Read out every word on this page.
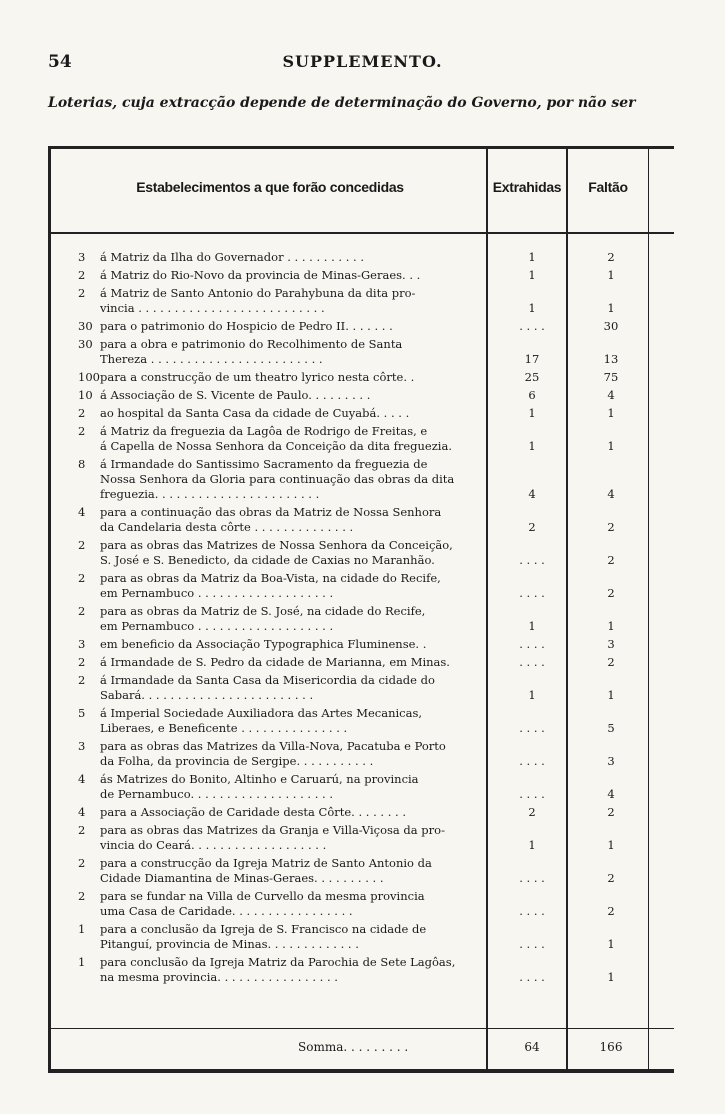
54	SUPPLEMENTO.
Loterias, cuja extracção depende de determinação do Governo, por não ser
Estabelecimentos a que forão concedidas	Extrahidas	Faltão
3	á Matriz da Ilha do Governador . . . . . . . . . . .	1	2
2	á Matriz do Rio-Novo da provincia de Minas-Geraes. . .	1	1
2	á Matriz de Santo Antonio do Parahybuna da dita pro-
vincia . . . . . . . . . . . . . . . . . . . . . . . . . .	1	1
30 para o patrimonio do Hospicio de Pedro II. . . . . . .	. . . .	30
30 para a obra e patrimonio do Recolhimento de Santa
Thereza . . . . . . . . . . . . . . . . . . . . . . . .	17	13
100 para a construcção de um theatro lyrico nesta côrte. .	25	75
10 á Associação de S. Vicente de Paulo. . . . . . . . .	6	4
2	ao hospital da Santa Casa da cidade de Cuyabá. . . . .	1	1
2	á Matriz da freguezia da Lagôa de Rodrigo de Freitas, e
á Capella de Nossa Senhora da Conceição da dita freguezia.	1	1
8	á Irmandade do Santissimo Sacramento da freguezia de
Nossa Senhora da Gloria para continuação das obras da dita
freguezia. . . . . . . . . . . . . . . . . . . . . . .	4	4
4	para a continuação das obras da Matriz de Nossa Senhora
da Candelaria desta côrte . . . . . . . . . . . . . .	2	2
2	para as obras das Matrizes de Nossa Senhora da Conceição,
S. José e S. Benedicto, da cidade de Caxias no Maranhão.	. . . .	2
2	para as obras da Matriz da Boa-Vista, na cidade do Recife,
em Pernambuco . . . . . . . . . . . . . . . . . . .	. . . .	2
2	para as obras da Matriz de S. José, na cidade do Recife,
em Pernambuco . . . . . . . . . . . . . . . . . . .	1	1
3	em beneficio da Associação Typographica Fluminense. .	. . . .	3
2	á Irmandade de S. Pedro da cidade de Marianna, em Minas.	. . . .	2
2	á Irmandade da Santa Casa da Misericordia da cidade do
Sabará. . . . . . . . . . . . . . . . . . . . . . . .	1	1
5	á Imperial Sociedade Auxiliadora das Artes Mecanicas,
Liberaes, e Beneficente . . . . . . . . . . . . . . .	. . . .	5
3	para as obras das Matrizes da Villa-Nova, Pacatuba e Porto
da Folha, da provincia de Sergipe. . . . . . . . . . .	. . . .	3
4	ás Matrizes do Bonito, Altinho e Caruarú, na provincia
de Pernambuco. . . . . . . . . . . . . . . . . . . .	. . . .	4
4	para a Associação de Caridade desta Côrte. . . . . . . .	2	2
2	para as obras das Matrizes da Granja e Villa-Viçosa da pro-
vincia do Ceará. . . . . . . . . . . . . . . . . . .	1	1
2	para a construcção da Igreja Matriz de Santo Antonio da
Cidade Diamantina de Minas-Geraes. . . . . . . . . .	. . . .	2
2	para se fundar na Villa de Curvello da mesma provincia
uma Casa de Caridade. . . . . . . . . . . . . . . . .	. . . .	2
1	para a conclusão da Igreja de S. Francisco na cidade de
Pitanguí, provincia de Minas. . . . . . . . . . . . .	. . . .	1
1	para conclusão da Igreja Matriz da Parochia de Sete Lagôas,
na mesma provincia. . . . . . . . . . . . . . . . .	. . . .	1
Somma. . . . . . . . .	64	166
